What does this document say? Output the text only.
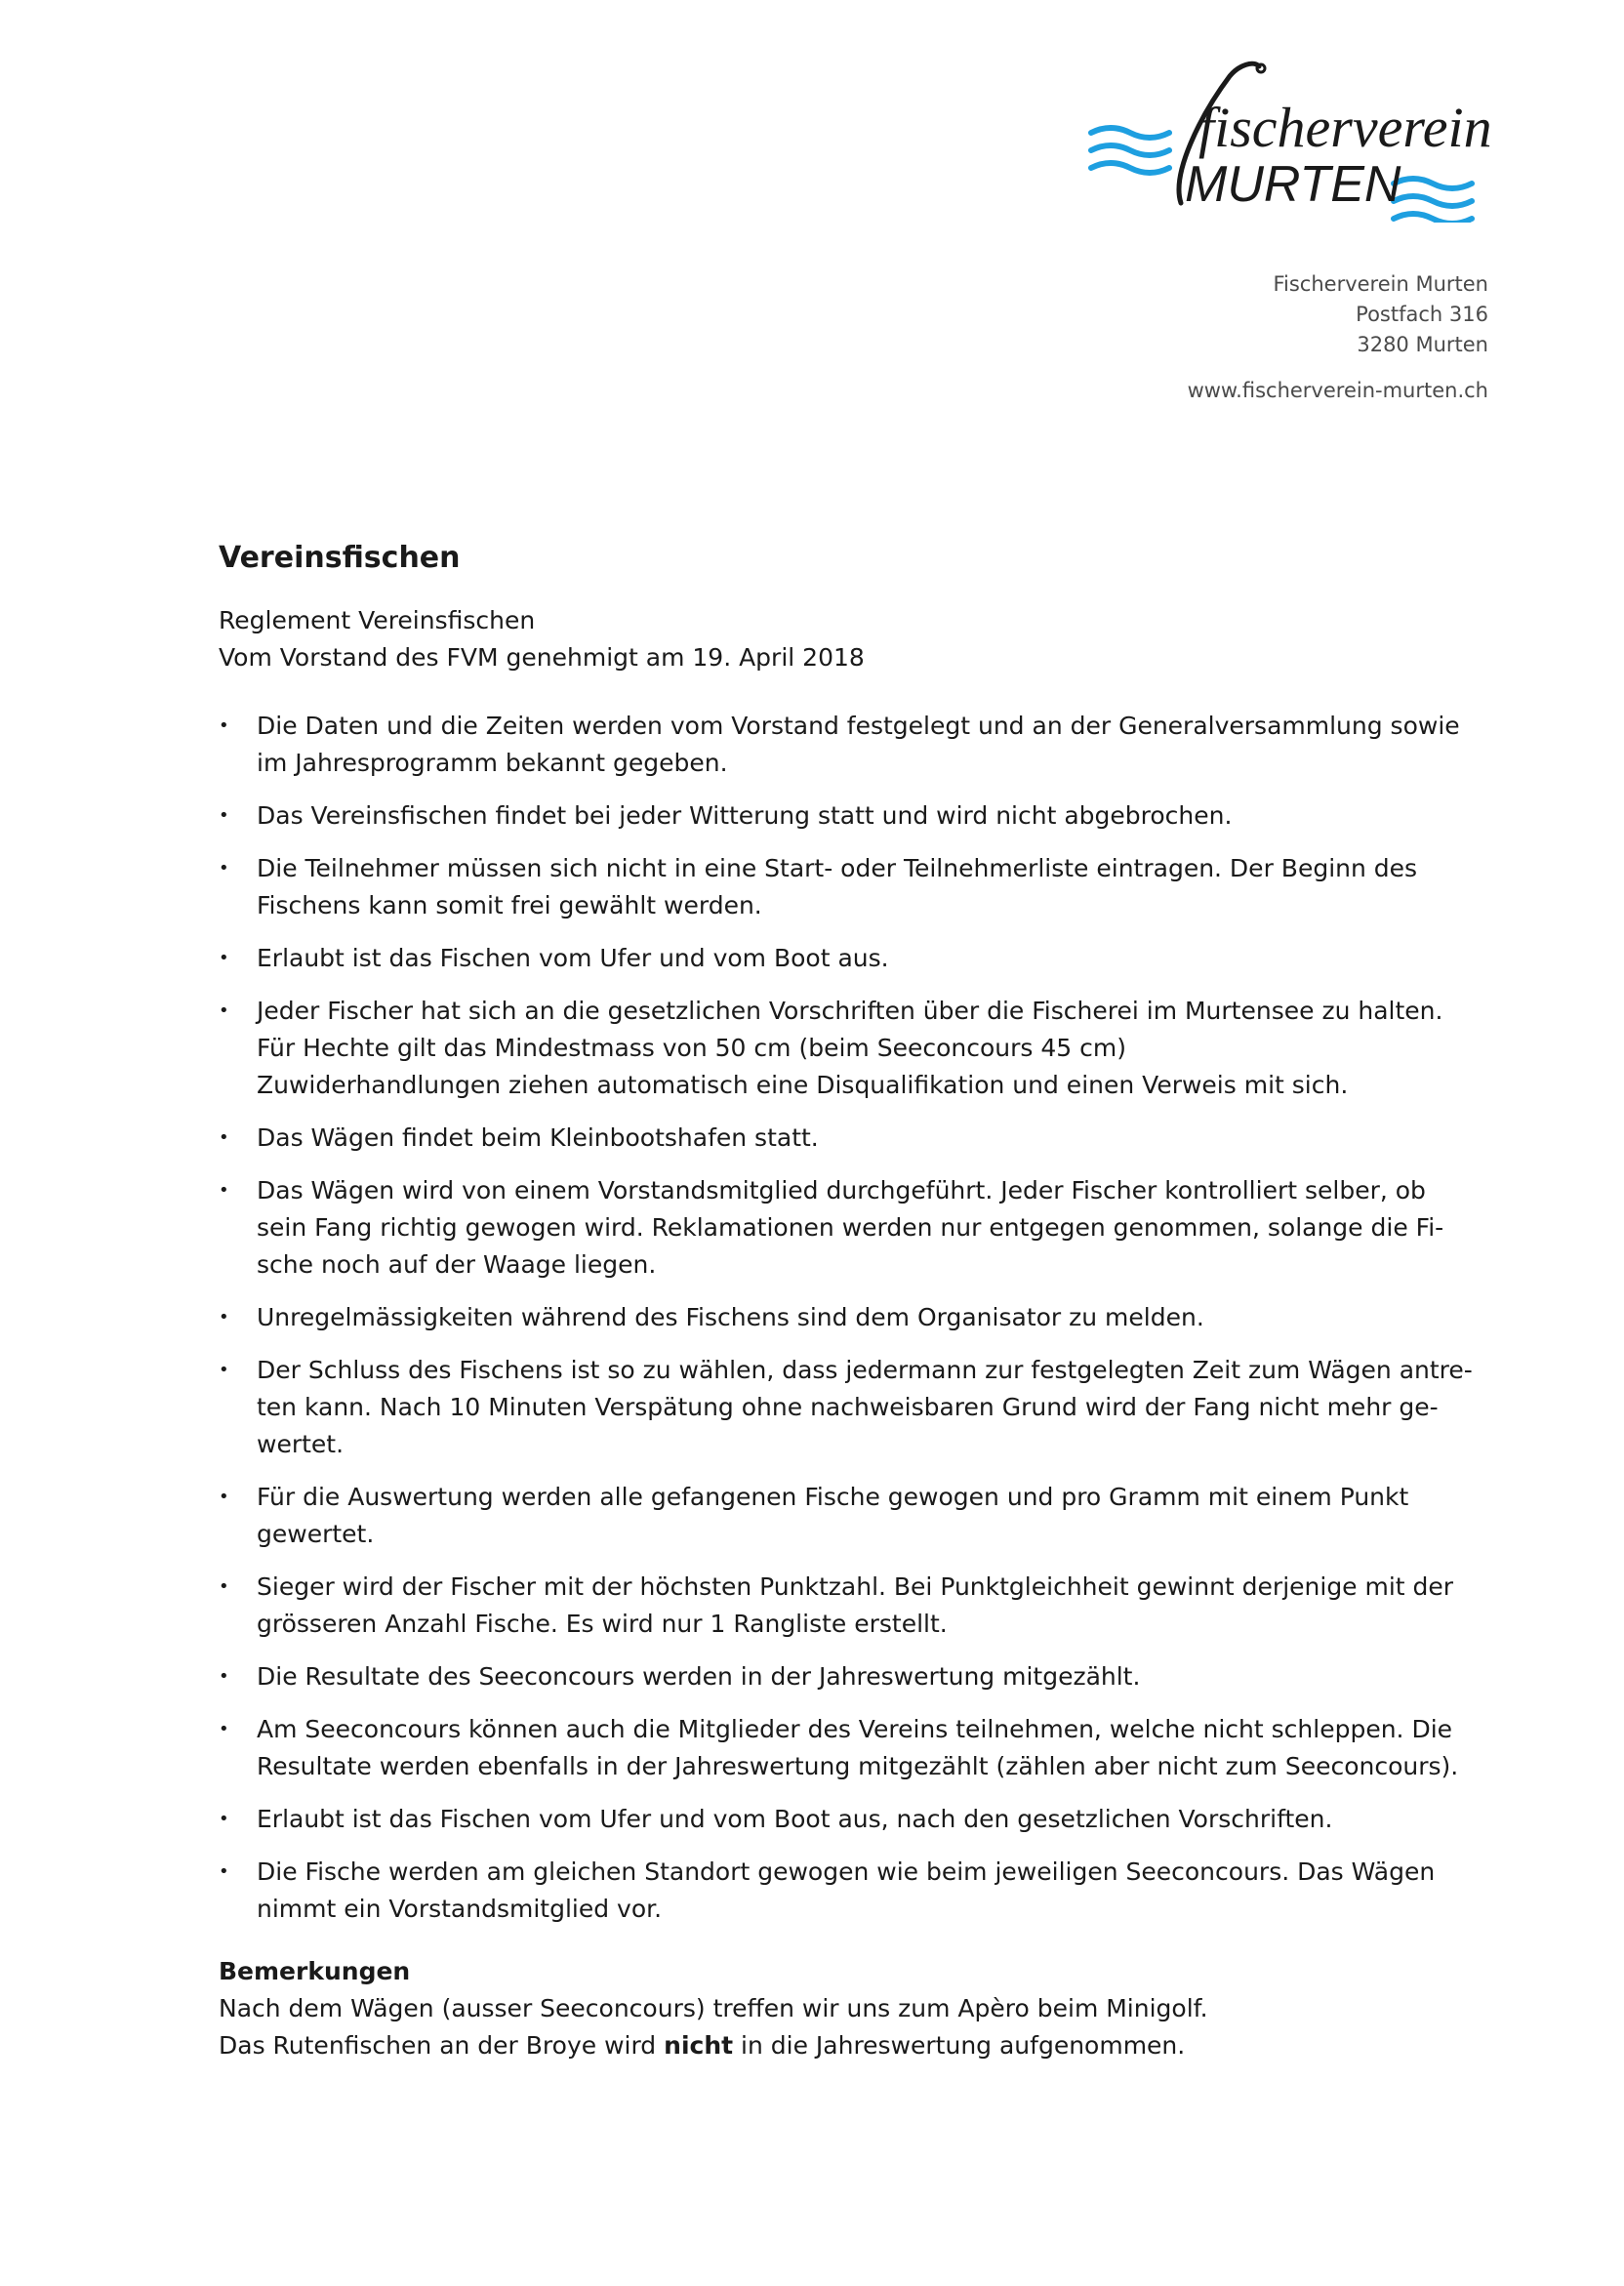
fischerverein
MURTEN
Fischerverein Murten
Postfach 316
3280 Murten
www.fischerverein-murten.ch
Vereinsfischen

Reglement Vereinsfischen

Vom Vorstand des FVM genehmigt am 19. April 2018

•	Die Daten und die Zeiten werden vom Vorstand festgelegt und an der Generalversammlung sowie
im Jahresprogramm bekannt gegeben.
•	Das Vereinsfischen findet bei jeder Witterung statt und wird nicht abgebrochen.
•	Die Teilnehmer müssen sich nicht in eine Start- oder Teilnehmerliste eintragen. Der Beginn des
Fischens kann somit frei gewählt werden.
•	Erlaubt ist das Fischen vom Ufer und vom Boot aus.
•	Jeder Fischer hat sich an die gesetzlichen Vorschriften über die Fischerei im Murtensee zu halten.
Für Hechte gilt das Mindestmass von 50 cm (beim Seeconcours 45 cm)
Zuwiderhandlungen ziehen automatisch eine Disqualifikation und einen Verweis mit sich.
•	Das Wägen findet beim Kleinbootshafen statt.
•	Das Wägen wird von einem Vorstandsmitglied durchgeführt. Jeder Fischer kontrolliert selber, ob
sein Fang richtig gewogen wird. Reklamationen werden nur entgegen genommen, solange die Fi-
sche noch auf der Waage liegen.
•	Unregelmässigkeiten während des Fischens sind dem Organisator zu melden.
•	Der Schluss des Fischens ist so zu wählen, dass jedermann zur festgelegten Zeit zum Wägen antre-
ten kann. Nach 10 Minuten Verspätung ohne nachweisbaren Grund wird der Fang nicht mehr ge-
wertet.
•	Für die Auswertung werden alle gefangenen Fische gewogen und pro Gramm mit einem Punkt
gewertet.
•	Sieger wird der Fischer mit der höchsten Punktzahl. Bei Punktgleichheit gewinnt derjenige mit der
grösseren Anzahl Fische. Es wird nur 1 Rangliste erstellt.
•	Die Resultate des Seeconcours werden in der Jahreswertung mitgezählt.
•	Am Seeconcours können auch die Mitglieder des Vereins teilnehmen, welche nicht schleppen. Die
Resultate werden ebenfalls in der Jahreswertung mitgezählt (zählen aber nicht zum Seeconcours).
•	Erlaubt ist das Fischen vom Ufer und vom Boot aus, nach den gesetzlichen Vorschriften.
•	Die Fische werden am gleichen Standort gewogen wie beim jeweiligen Seeconcours. Das Wägen
nimmt ein Vorstandsmitglied vor.
Bemerkungen

Nach dem Wägen (ausser Seeconcours) treffen wir uns zum Apèro beim Minigolf.

Das Rutenfischen an der Broye wird nicht in die Jahreswertung aufgenommen.
